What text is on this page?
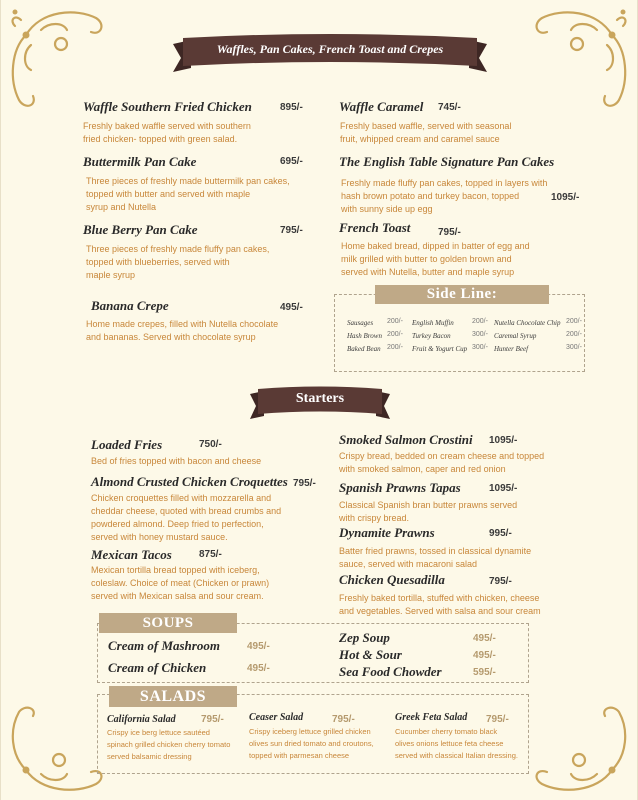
Waffles, Pan Cakes, French Toast and Crepes
Waffle Southern Fried Chicken	895/-
Freshly baked waffle served with southern
fried chicken- topped with green salad.
Buttermilk Pan Cake	695/-
Three pieces of freshly made buttermilk pan cakes,
topped with butter and served with maple
syrup and Nutella
Blue Berry Pan Cake	795/-
Three pieces of freshly made fluffy pan cakes,
topped with blueberries, served with
maple syrup
Banana Crepe	495/-
Home made crepes, filled with Nutella chocolate
and bananas. Served with chocolate syrup
Waffle Caramel 745/-
Freshly based waffle, served with seasonal
fruit, whipped cream and caramel sauce
The English Table Signature Pan Cakes
Freshly made fluffy pan cakes, topped in layers with
hash brown potato and turkey bacon, topped
with sunny side up egg
1095/-
French Toast	795/-
Home baked bread, dipped in batter of egg and
milk grilled with butter to golden brown and
served with Nutella, butter and maple syrup
Side Line:
Sausages 200/- English Muffin	200/- Nutella Chocolate Chip 200/-
Hash Brown 200/- Turkey Bacon	300/- Caremal Syrup	200/-
Baked Bean 200/- Fruit & Yogurt Cup 300/- Hunter Beef	300/-
Starters
Loaded Fries	750/-
Bed of fries topped with bacon and cheese
Almond Crusted Chicken Croquettes 795/-
Chicken croquettes filled with mozzarella and
cheddar cheese, quoted with bread crumbs and
powdered almond. Deep fried to perfection,
served with honey mustard sauce.
Mexican Tacos	875/-
Mexican tortilla bread topped with iceberg,
coleslaw. Choice of meat (Chicken or prawn)
served with Mexican salsa and sour cream.
Smoked Salmon Crostini 1095/-
Crispy bread, bedded on cream cheese and topped
with smoked salmon, caper and red onion
Spanish Prawns Tapas	1095/-
Classical Spanish bran butter prawns served
with crispy bread.
Dynamite Prawns	995/-
Batter fried prawns, tossed in classical dynamite
sauce, served with macaroni salad
Chicken Quesadilla	795/-
Freshly baked tortilla, stuffed with chicken, cheese
and vegetables. Served with salsa and sour cream
SOUPS
Cream of Mashroom	495/-
Cream of Chicken	495/-
Zep Soup	495/-
Hot & Sour	495/-
Sea Food Chowder	595/-
SALADS
California Salad	795/-
Crispy ice berg lettuce sautéed
spinach grilled chicken cherry tomato
served balsamic dressing
Ceaser Salad	795/-
Crispy iceberg lettuce grilled chicken
olives sun dried tomato and croutons,
topped with parmesan cheese
Greek Feta Salad 795/-
Cucumber cherry tomato black
olives onions lettuce feta cheese
served with classical Italian dressing.
